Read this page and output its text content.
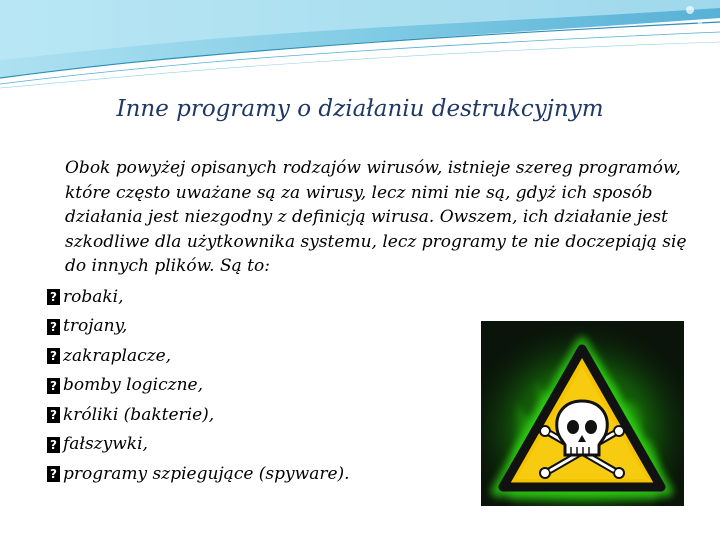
Inne programy o działaniu destrukcyjnym

Obok powyżej opisanych rodzajów wirusów, istnieje szereg programów, które często uważane są za wirusy, lecz nimi nie są, gdyż ich sposób działania jest niezgodny z definicją wirusa. Owszem, ich działanie jest szkodliwe dla użytkownika systemu, lecz programy te nie doczepiają się do innych plików. Są to:

? robaki,
? trojany,
? zakraplacze,
? bomby logiczne,
? króliki (bakterie),
? fałszywki,
? programy szpiegujące (spyware).
